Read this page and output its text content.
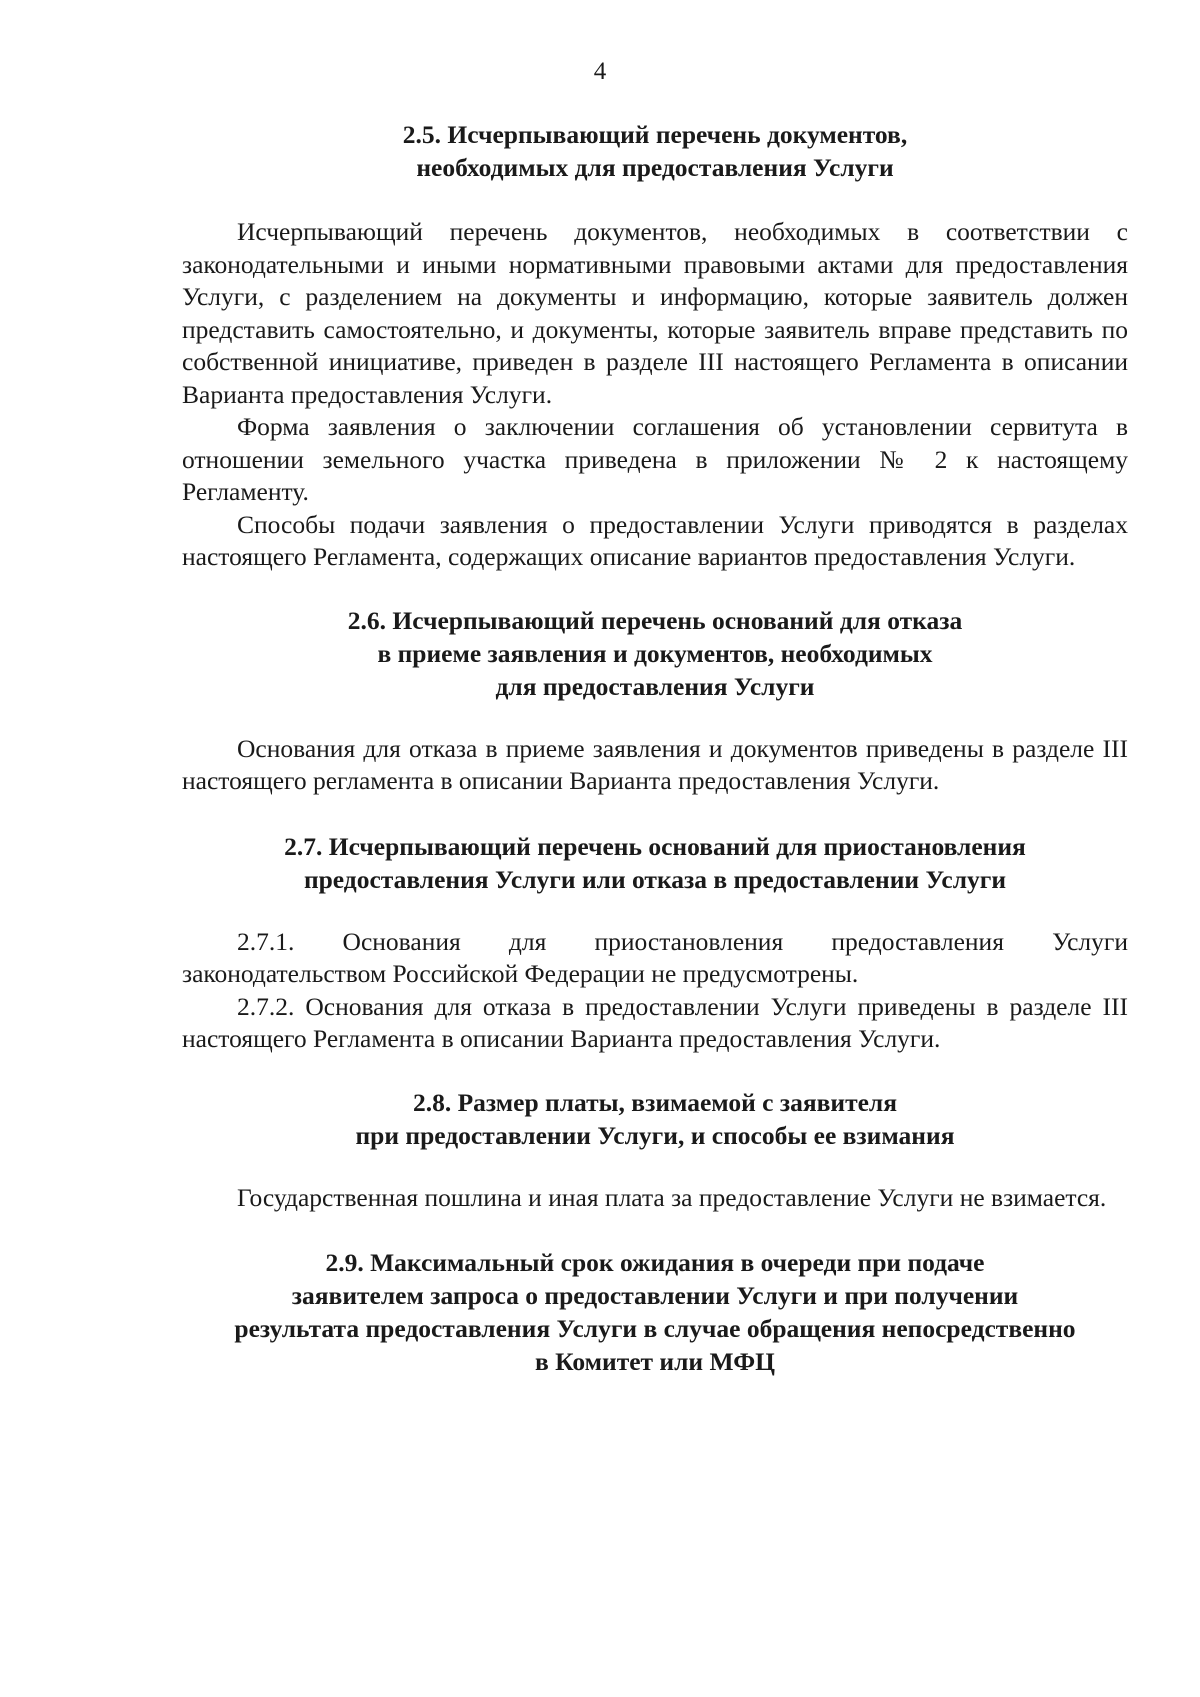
4
2.5. Исчерпывающий перечень документов,
необходимых для предоставления Услуги

Исчерпывающий перечень документов, необходимых в соответствии с законодательными и иными нормативными правовыми актами для предоставления Услуги, с разделением на документы и информацию, которые заявитель должен представить самостоятельно, и документы, которые заявитель вправе представить по собственной инициативе, приведен в разделе III настоящего Регламента в описании Варианта предоставления Услуги.

Форма заявления о заключении соглашения об установлении сервитута в отношении земельного участка приведена в приложении № 2 к настоящему Регламенту.

Способы подачи заявления о предоставлении Услуги приводятся в разделах настоящего Регламента, содержащих описание вариантов предоставления Услуги.

2.6. Исчерпывающий перечень оснований для отказа
в приеме заявления и документов, необходимых
для предоставления Услуги

Основания для отказа в приеме заявления и документов приведены в разделе III настоящего регламента в описании Варианта предоставления Услуги.

2.7. Исчерпывающий перечень оснований для приостановления
предоставления Услуги или отказа в предоставлении Услуги

2.7.1. Основания для приостановления предоставления Услуги законодательством Российской Федерации не предусмотрены.

2.7.2. Основания для отказа в предоставлении Услуги приведены в разделе III настоящего Регламента в описании Варианта предоставления Услуги.

2.8. Размер платы, взимаемой с заявителя
при предоставлении Услуги, и способы ее взимания

Государственная пошлина и иная плата за предоставление Услуги не взимается.

2.9. Максимальный срок ожидания в очереди при подаче
заявителем запроса о предоставлении Услуги и при получении
результата предоставления Услуги в случае обращения непосредственно
в Комитет или МФЦ
